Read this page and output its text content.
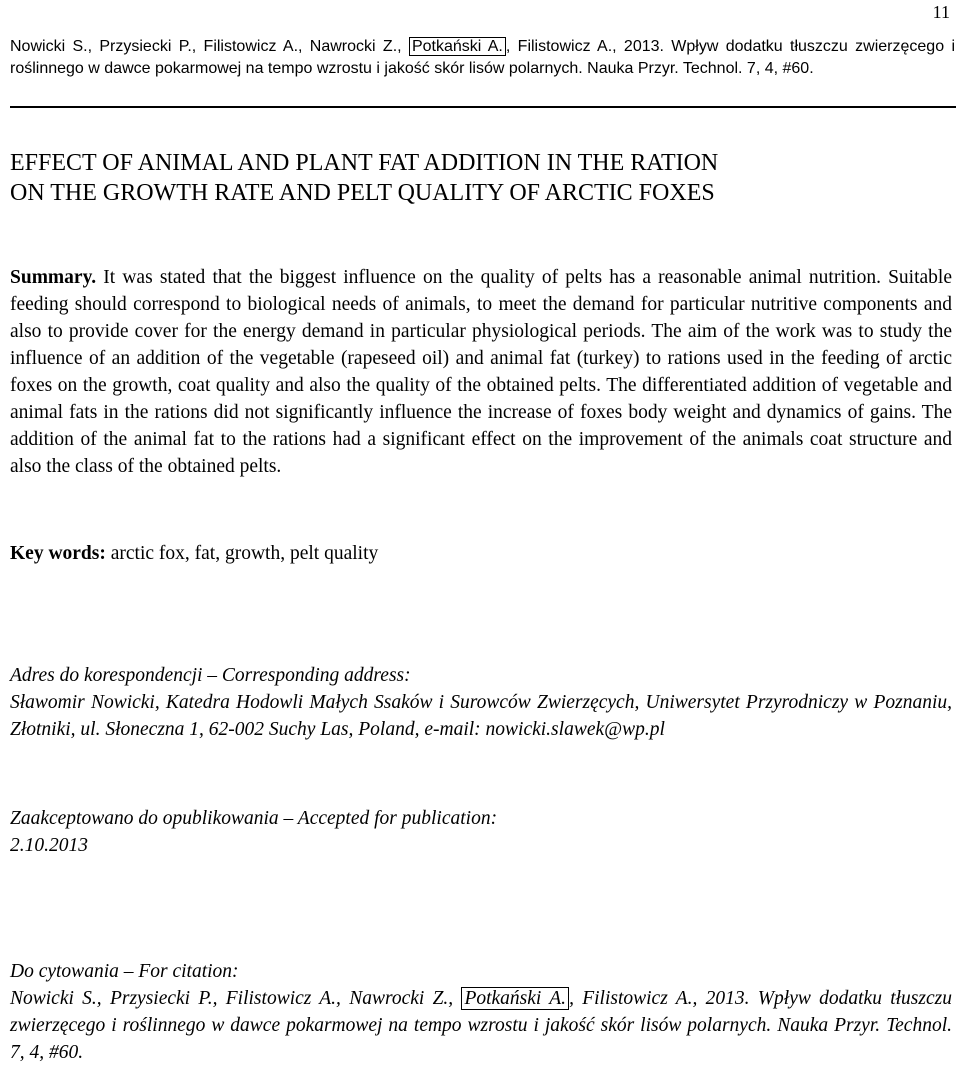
11
Nowicki S., Przysiecki P., Filistowicz A., Nawrocki Z., Potkański A. , Filistowicz A., 2013. Wpływ dodatku tłuszczu zwierzęcego i roślinnego w dawce pokarmowej na tempo wzrostu i jakość skór lisów polarnych. Nauka Przyr. Technol. 7, 4, #60.
EFFECT OF ANIMAL AND PLANT FAT ADDITION IN THE RATION
ON THE GROWTH RATE AND PELT QUALITY OF ARCTIC FOXES
Summary. It was stated that the biggest influence on the quality of pelts has a reasonable animal nutrition. Suitable feeding should correspond to biological needs of animals, to meet the demand for particular nutritive components and also to provide cover for the energy demand in particular physiological periods. The aim of the work was to study the influence of an addition of the vegetable (rapeseed oil) and animal fat (turkey) to rations used in the feeding of arctic foxes on the growth, coat quality and also the quality of the obtained pelts. The differentiated addition of vegetable and animal fats in the rations did not significantly influence the increase of foxes body weight and dynamics of gains. The addition of the animal fat to the rations had a significant effect on the improvement of the animals coat structure and also the class of the obtained pelts.
Key words: arctic fox, fat, growth, pelt quality
Adres do korespondencji – Corresponding address:
Sławomir Nowicki, Katedra Hodowli Małych Ssaków i Surowców Zwierzęcych, Uniwersytet Przyrodniczy w Poznaniu, Złotniki, ul. Słoneczna 1, 62-002 Suchy Las, Poland, e-mail: nowicki.slawek@wp.pl
Zaakceptowano do opublikowania – Accepted for publication:
2.10.2013
Do cytowania – For citation:
Nowicki S., Przysiecki P., Filistowicz A., Nawrocki Z., Potkański A. , Filistowicz A., 2013. Wpływ dodatku tłuszczu zwierzęcego i roślinnego w dawce pokarmowej na tempo wzrostu i jakość skór lisów polarnych. Nauka Przyr. Technol. 7, 4, #60.
